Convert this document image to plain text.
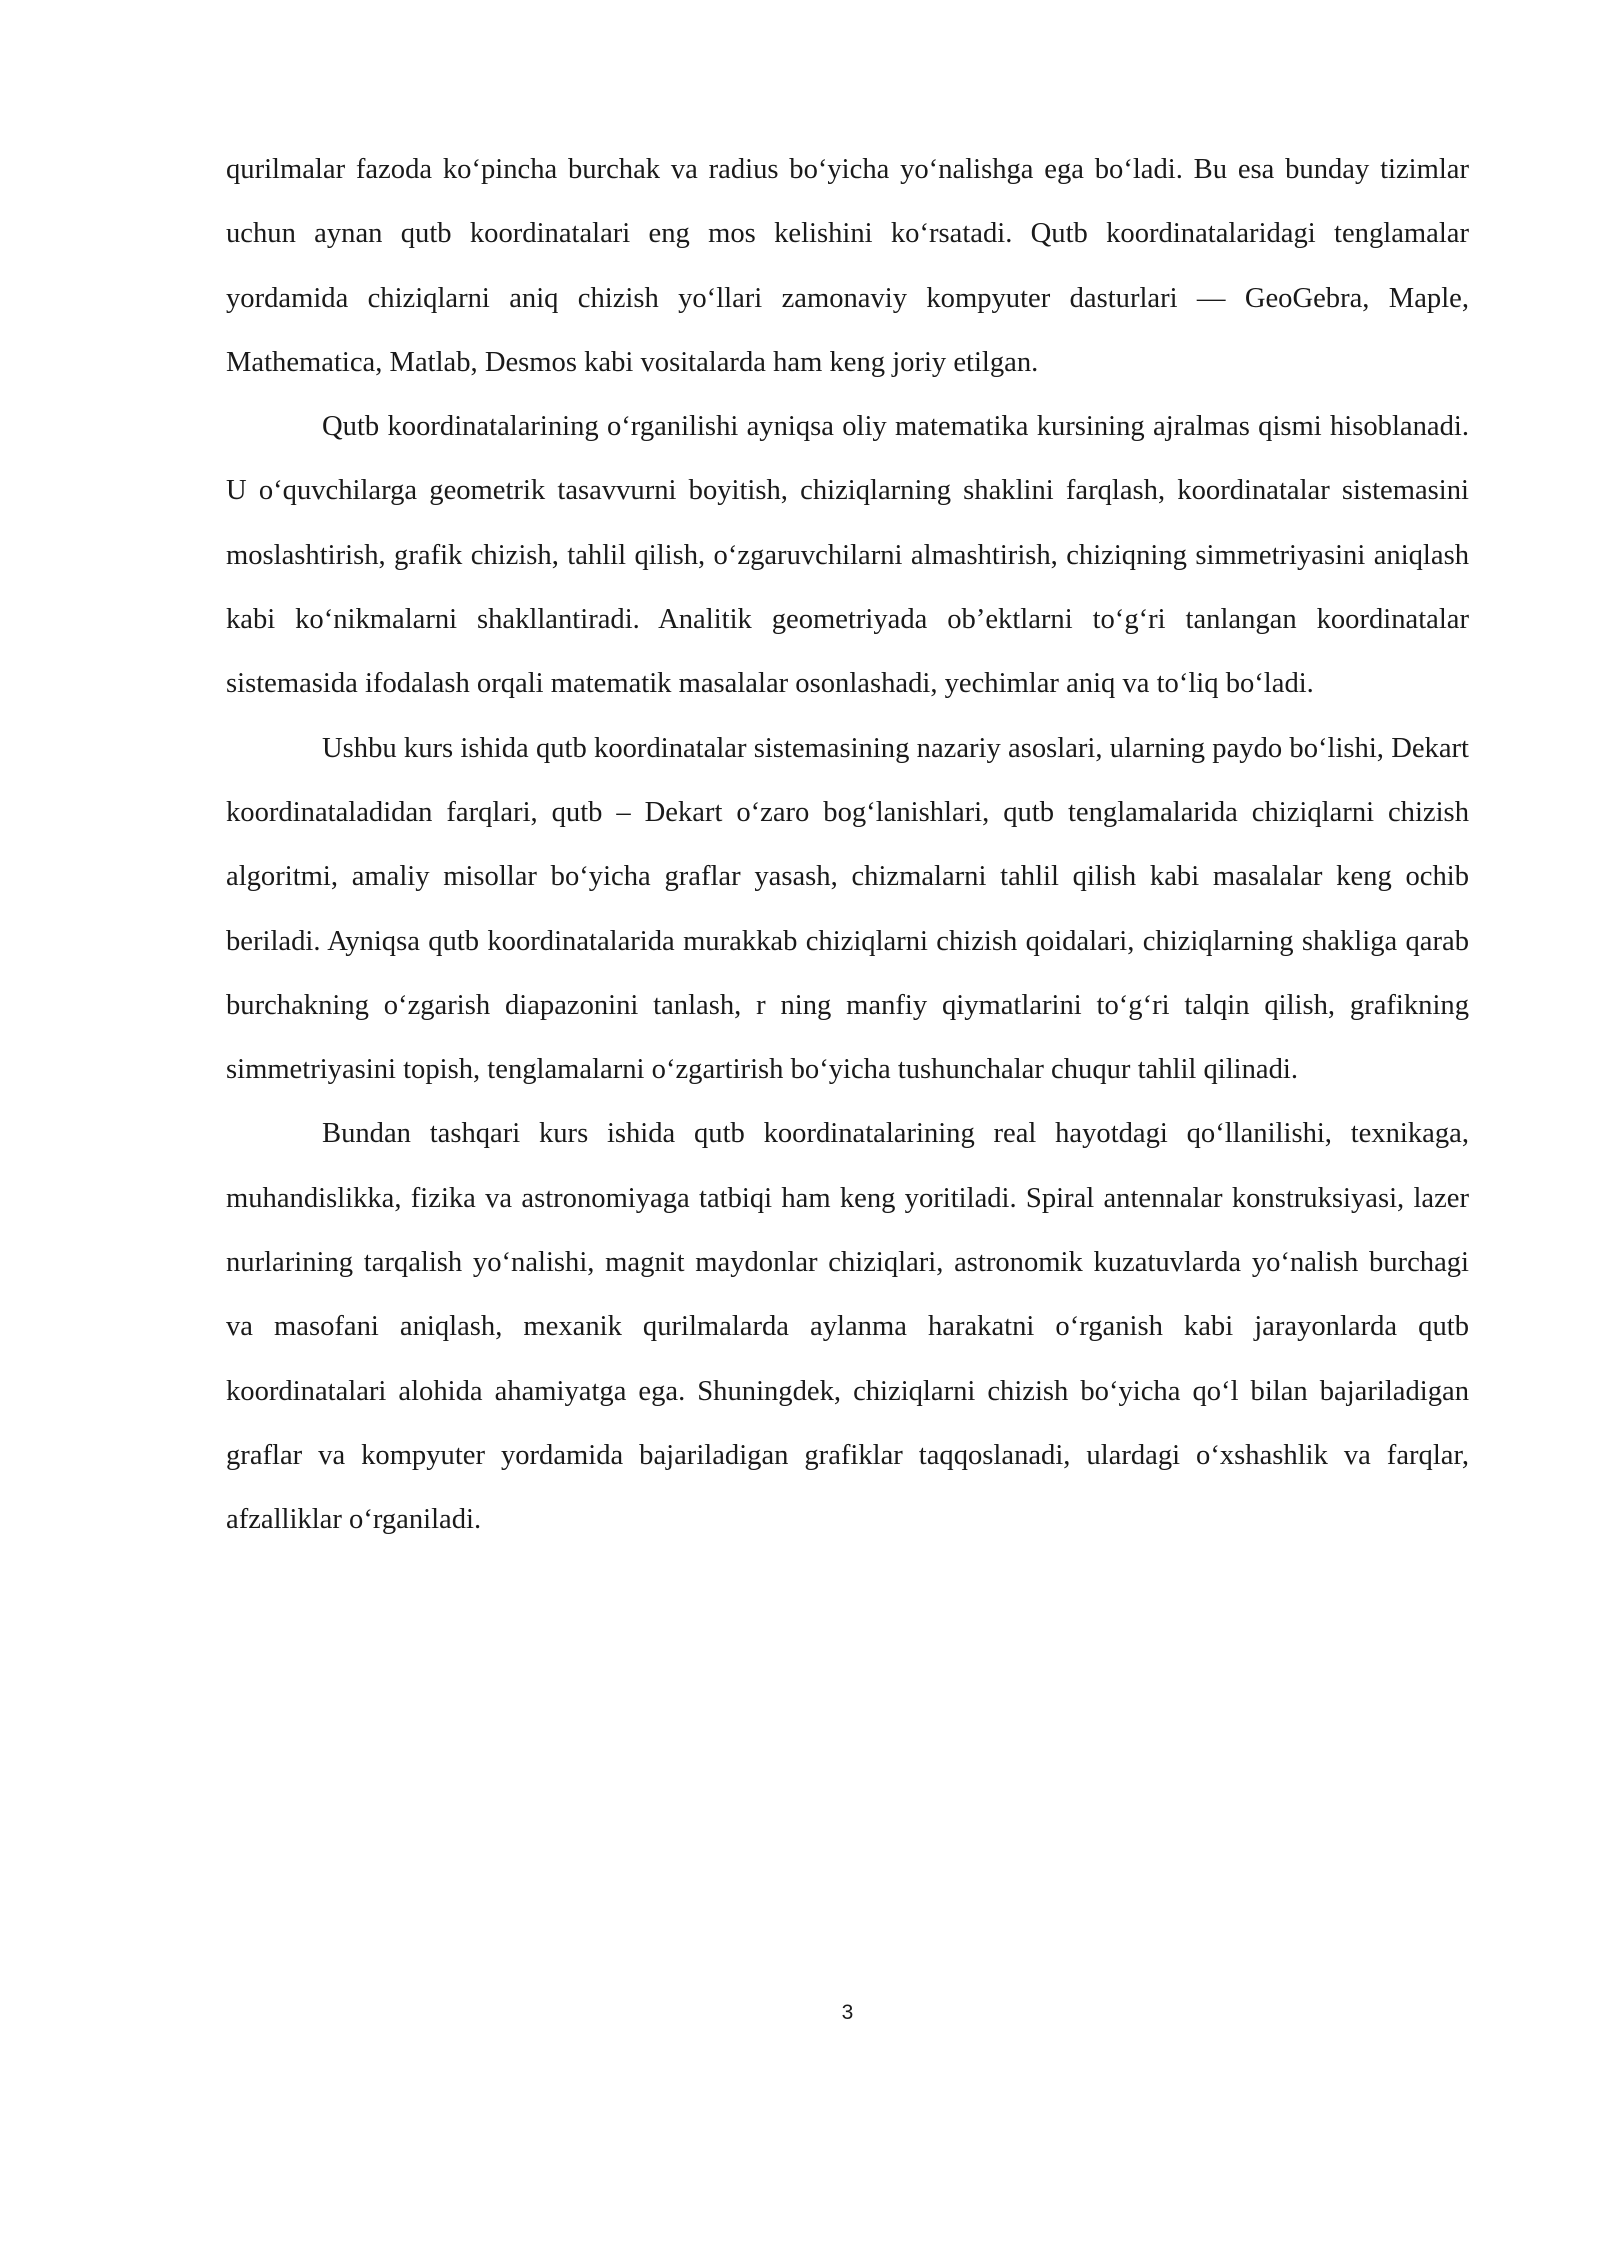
qurilmalar fazoda ko‘pincha burchak va radius bo‘yicha yo‘nalishga ega bo‘ladi. Bu esa bunday tizimlar uchun aynan qutb koordinatalari eng mos kelishini ko‘rsatadi. Qutb koordinatalaridagi tenglamalar yordamida chiziqlarni aniq chizish yo‘llari zamonaviy kompyuter dasturlari — GeoGebra, Maple, Mathematica, Matlab, Desmos kabi vositalarda ham keng joriy etilgan.

Qutb koordinatalarining o‘rganilishi ayniqsa oliy matematika kursining ajralmas qismi hisoblanadi. U o‘quvchilarga geometrik tasavvurni boyitish, chiziqlarning shaklini farqlash, koordinatalar sistemasini moslashtirish, grafik chizish, tahlil qilish, o‘zgaruvchilarni almashtirish, chiziqning simmetriyasini aniqlash kabi ko‘nikmalarni shakllantiradi. Analitik geometriyada ob’ektlarni to‘g‘ri tanlangan koordinatalar sistemasida ifodalash orqali matematik masalalar osonlashadi, yechimlar aniq va to‘liq bo‘ladi.

Ushbu kurs ishida qutb koordinatalar sistemasining nazariy asoslari, ularning paydo bo‘lishi, Dekart koordinataladidan farqlari, qutb – Dekart o‘zaro bog‘lanishlari, qutb tenglamalarida chiziqlarni chizish algoritmi, amaliy misollar bo‘yicha graflar yasash, chizmalarni tahlil qilish kabi masalalar keng ochib beriladi. Ayniqsa qutb koordinatalarida murakkab chiziqlarni chizish qoidalari, chiziqlarning shakliga qarab burchakning o‘zgarish diapazonini tanlash, r ning manfiy qiymatlarini to‘g‘ri talqin qilish, grafikning simmetriyasini topish, tenglamalarni o‘zgartirish bo‘yicha tushunchalar chuqur tahlil qilinadi.

Bundan tashqari kurs ishida qutb koordinatalarining real hayotdagi qo‘llanilishi, texnikaga, muhandislikka, fizika va astronomiyaga tatbiqi ham keng yoritiladi. Spiral antennalar konstruksiyasi, lazer nurlarining tarqalish yo‘nalishi, magnit maydonlar chiziqlari, astronomik kuzatuvlarda yo‘nalish burchagi va masofani aniqlash, mexanik qurilmalarda aylanma harakatni o‘rganish kabi jarayonlarda qutb koordinatalari alohida ahamiyatga ega. Shuningdek, chiziqlarni chizish bo‘yicha qo‘l bilan bajariladigan graflar va kompyuter yordamida bajariladigan grafiklar taqqoslanadi, ulardagi o‘xshashlik va farqlar, afzalliklar o‘rganiladi.

3
